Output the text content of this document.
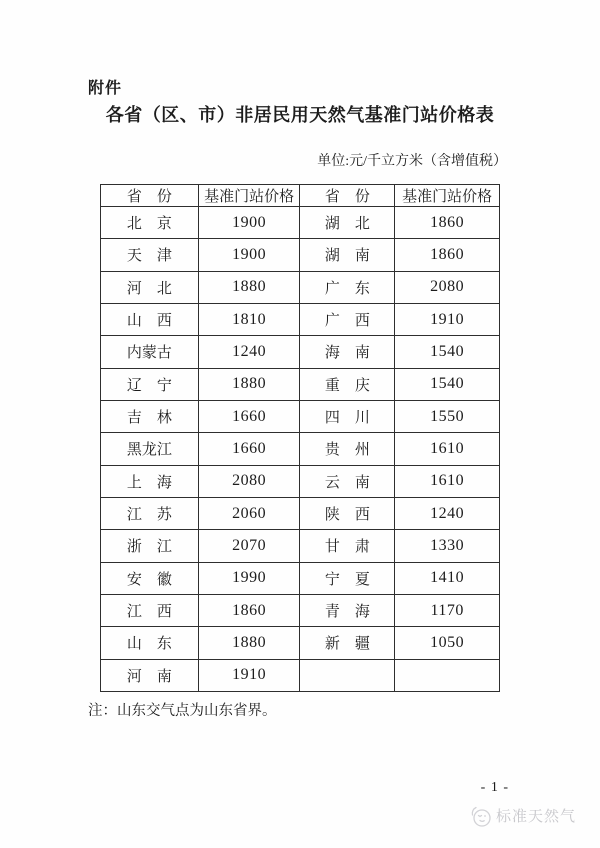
附件
各省（区、市）非居民用天然气基准门站价格表
单位:元/千立方米（含增值税）
省　份	基准门站价格	省　份	基准门站价格
北　京	1900	湖　北	1860
天　津	1900	湖　南	1860
河　北	1880	广　东	2080
山　西	1810	广　西	1910
内蒙古	1240	海　南	1540
辽　宁	1880	重　庆	1540
吉　林	1660	四　川	1550
黑龙江	1660	贵　州	1610
上　海	2080	云　南	1610
江　苏	2060	陕　西	1240
浙　江	2070	甘　肃	1330
安　徽	1990	宁　夏	1410
江　西	1860	青　海	1170
山　东	1880	新　疆	1050
河　南	1910		
注：山东交气点为山东省界。
- 1 -
标准天然气
